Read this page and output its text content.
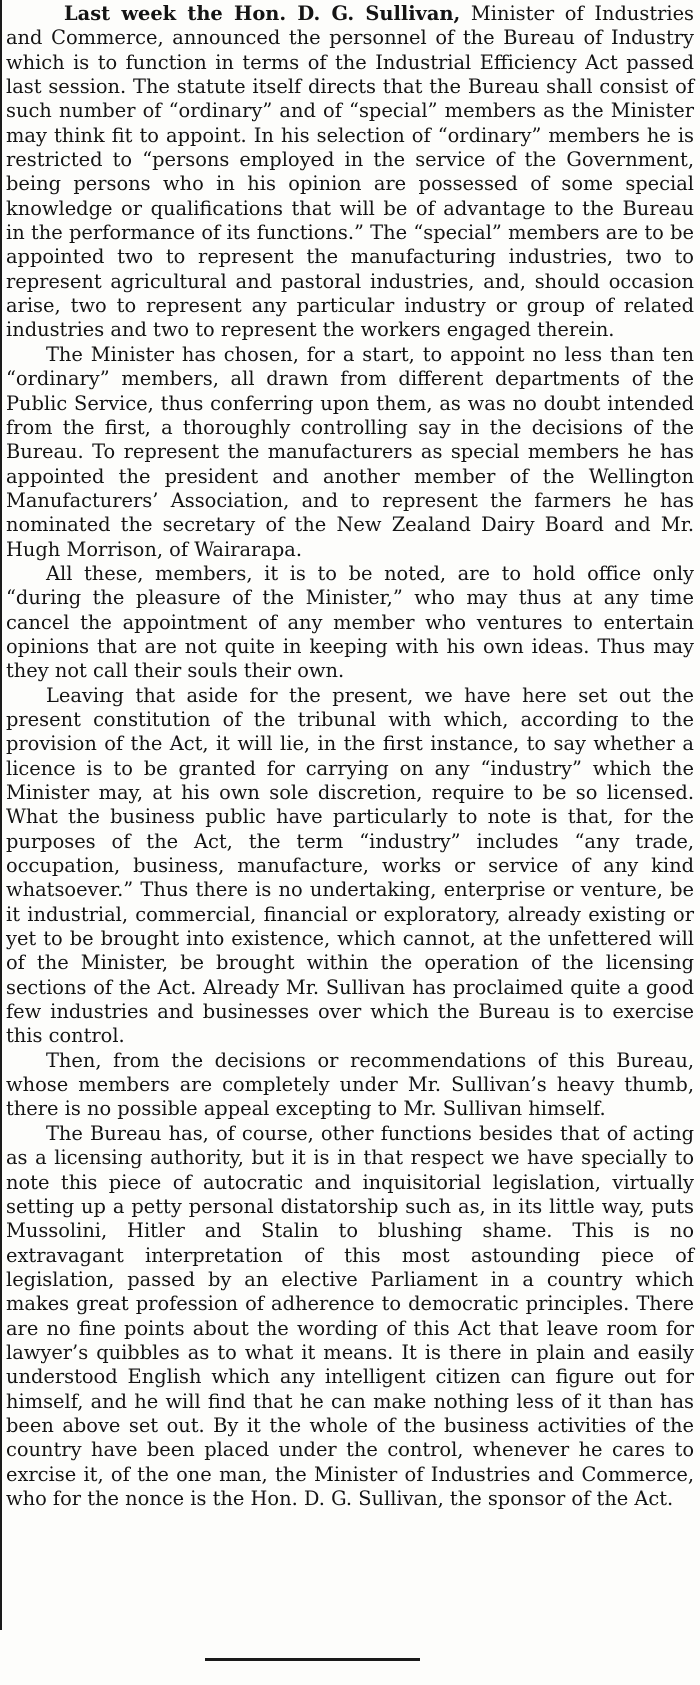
Last week the Hon. D. G. Sullivan, Minister of Industries and Commerce, announced the personnel of the Bureau of Industry which is to function in terms of the Industrial Efficiency Act passed last session. The statute itself directs that the Bureau shall consist of such number of “ordinary” and of “special” members as the Minister may think fit to appoint. In his selection of “ordinary” members he is restricted to “persons employed in the service of the Government, being persons who in his opinion are possessed of some special knowledge or qualifications that will be of advantage to the Bureau in the performance of its functions.” The “special” members are to be appointed two to represent the manufacturing industries, two to represent agricultural and pastoral industries, and, should occasion arise, two to represent any particular industry or group of related industries and two to represent the workers engaged therein.

The Minister has chosen, for a start, to appoint no less than ten “ordinary” members, all drawn from different departments of the Public Service, thus conferring upon them, as was no doubt intended from the first, a thoroughly controlling say in the decisions of the Bureau. To represent the manufacturers as special members he has appointed the president and another member of the Wellington Manufacturers’ Association, and to represent the farmers he has nominated the secretary of the New Zealand Dairy Board and Mr. Hugh Morrison, of Wairarapa.

All these, members, it is to be noted, are to hold office only “during the pleasure of the Minister,” who may thus at any time cancel the appointment of any member who ventures to entertain opinions that are not quite in keeping with his own ideas. Thus may they not call their souls their own.

Leaving that aside for the present, we have here set out the present constitution of the tribunal with which, according to the provision of the Act, it will lie, in the first instance, to say whether a licence is to be granted for carrying on any “industry” which the Minister may, at his own sole discretion, require to be so licensed. What the business public have particularly to note is that, for the purposes of the Act, the term “industry” includes “any trade, occupation, business, manufacture, works or service of any kind whatsoever.” Thus there is no undertaking, enterprise or venture, be it industrial, commercial, financial or exploratory, already existing or yet to be brought into existence, which cannot, at the unfettered will of the Minister, be brought within the operation of the licensing sections of the Act. Already Mr. Sullivan has proclaimed quite a good few industries and businesses over which the Bureau is to exercise this control.

Then, from the decisions or recommendations of this Bureau, whose members are completely under Mr. Sullivan’s heavy thumb, there is no possible appeal excepting to Mr. Sullivan himself.

The Bureau has, of course, other functions besides that of acting as a licensing authority, but it is in that respect we have specially to note this piece of autocratic and inquisitorial legislation, virtually setting up a petty personal distatorship such as, in its little way, puts Mussolini, Hitler and Stalin to blushing shame. This is no extravagant interpretation of this most astounding piece of legislation, passed by an elective Parliament in a country which makes great profession of adherence to democratic principles. There are no fine points about the wording of this Act that leave room for lawyer’s quibbles as to what it means. It is there in plain and easily understood English which any intelligent citizen can figure out for himself, and he will find that he can make nothing less of it than has been above set out. By it the whole of the business activities of the country have been placed under the control, whenever he cares to exrcise it, of the one man, the Minister of Industries and Commerce, who for the nonce is the Hon. D. G. Sullivan, the sponsor of the Act.
